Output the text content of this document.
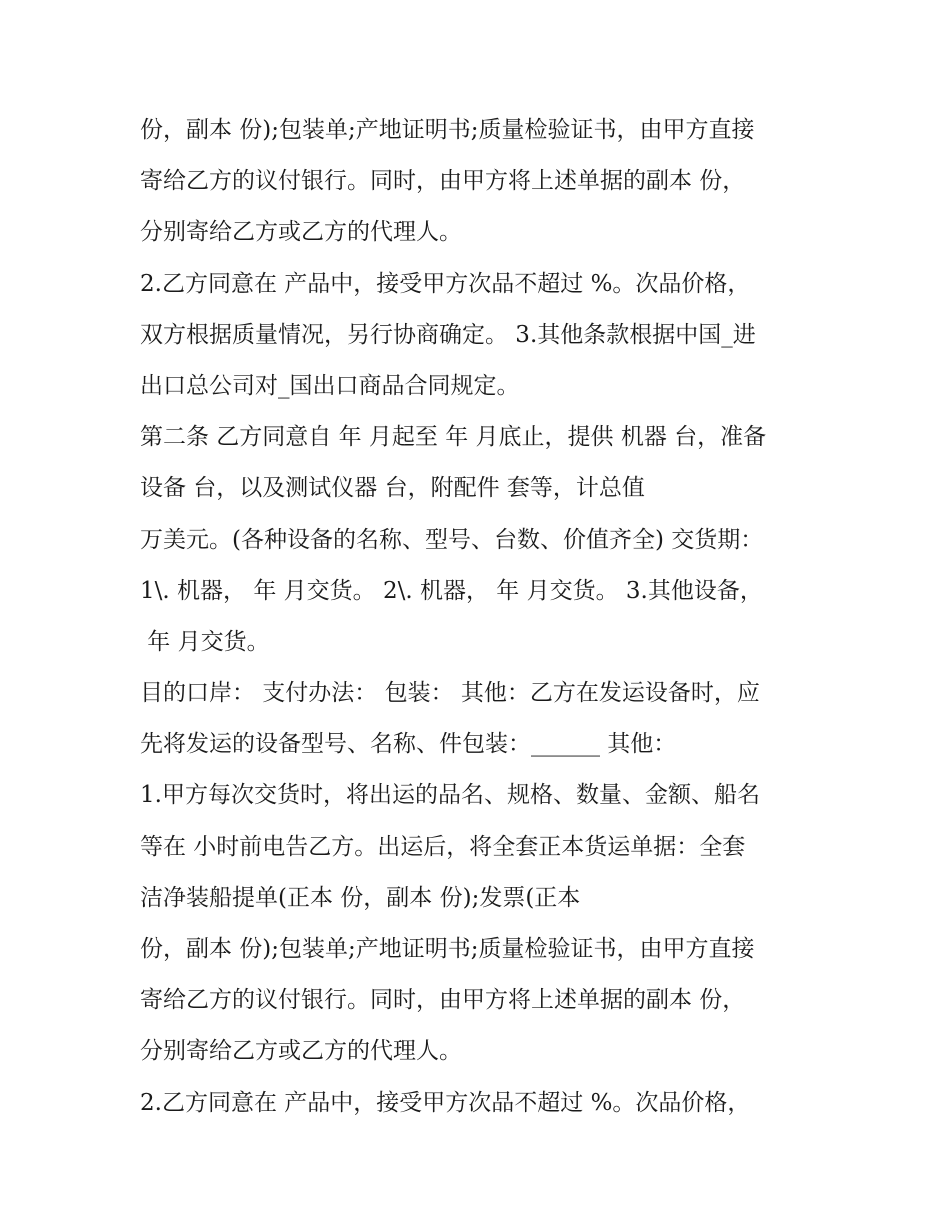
份，副本 份);包装单;产地证明书;质量检验证书，由甲方直接
寄给乙方的议付银行。同时，由甲方将上述单据的副本 份，
分别寄给乙方或乙方的代理人。
2.乙方同意在 产品中，接受甲方次品不超过 %。次品价格，
双方根据质量情况，另行协商确定。 3.其他条款根据中国_进
出口总公司对_国出口商品合同规定。
第二条 乙方同意自 年 月起至 年 月底止，提供 机器 台，准备
设备 台，以及测试仪器 台，附配件 套等，计总值
万美元。(各种设备的名称、型号、台数、价值齐全) 交货期：
1\. 机器， 年 月交货。 2\. 机器， 年 月交货。 3.其他设备，
年 月交货。
目的口岸： 支付办法： 包装： 其他：乙方在发运设备时，应
先将发运的设备型号、名称、件包装：______ 其他：
1.甲方每次交货时，将出运的品名、规格、数量、金额、船名
等在 小时前电告乙方。出运后，将全套正本货运单据：全套
洁净装船提单(正本 份，副本 份);发票(正本
份，副本 份);包装单;产地证明书;质量检验证书，由甲方直接
寄给乙方的议付银行。同时，由甲方将上述单据的副本 份，
分别寄给乙方或乙方的代理人。
2.乙方同意在 产品中，接受甲方次品不超过 %。次品价格，
